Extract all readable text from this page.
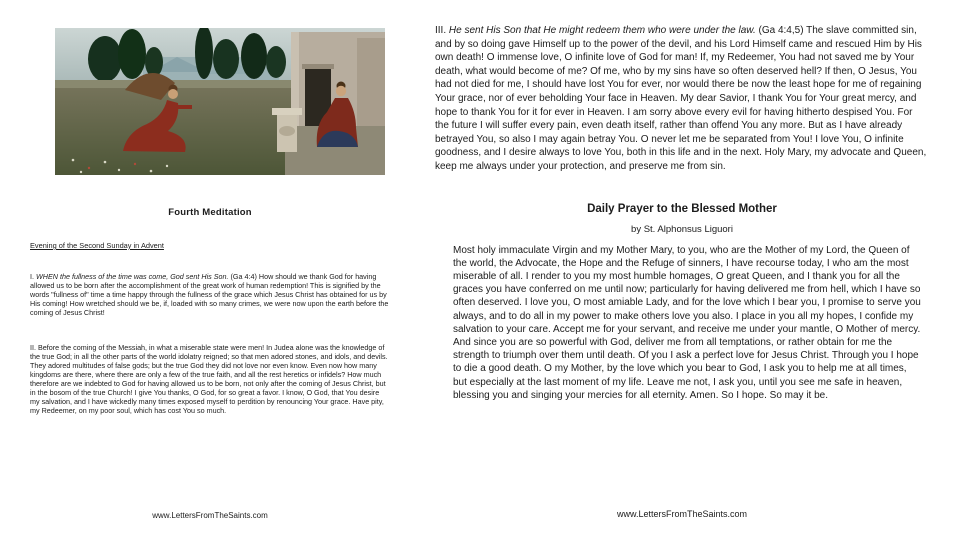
Fourth Meditation
Evening of the Second Sunday in Advent

I. WHEN the fullness of the time was come, God sent His Son. (Ga 4:4) How should we thank God for having allowed us to be born after the accomplishment of the great work of human redemption! This is signified by the words "fullness of" time a time happy through the fullness of the grace which Jesus Christ has obtained for us by His coming! How wretched should we be, if, loaded with so many crimes, we were now upon the earth before the coming of Jesus Christ!

II. Before the coming of the Messiah, in what a miserable state were men! In Judea alone was the knowledge of the true God; in all the other parts of the world idolatry reigned; so that men adored stones, and idols, and devils. They adored multitudes of false gods; but the true God they did not love nor even know. Even now how many kingdoms are there, where there are only a few of the true faith, and all the rest heretics or infidels? How much therefore are we indebted to God for having allowed us to be born, not only after the coming of Jesus Christ, but in the bosom of the true Church! I give You thanks, O God, for so great a favor. I know, O God, that You desire my salvation, and I have wickedly many times exposed myself to perdition by renouncing Your grace. Have pity, my Redeemer, on my poor soul, which has cost You so much.

III. He sent His Son that He might redeem them who were under the law. (Ga 4:4,5) The slave committed sin, and by so doing gave Himself up to the power of the devil, and his Lord Himself came and rescued Him by His own death! O immense love, O infinite love of God for man! If, my Redeemer, You had not saved me by Your death, what would become of me? Of me, who by my sins have so often deserved hell? If then, O Jesus, You had not died for me, I should have lost You for ever, nor would there be now the least hope for me of regaining Your grace, nor of ever beholding Your face in Heaven. My dear Savior, I thank You for Your great mercy, and hope to thank You for it for ever in Heaven. I am sorry above every evil for having hitherto despised You. For the future I will suffer every pain, even death itself, rather than offend You any more. But as I have already betrayed You, so also I may again betray You. O never let me be separated from You! I love You, O infinite goodness, and I desire always to love You, both in this life and in the next. Holy Mary, my advocate and Queen, keep me always under your protection, and preserve me from sin.

Daily Prayer to the Blessed Mother
by St. Alphonsus Liguori

Most holy immaculate Virgin and my Mother Mary, to you, who are the Mother of my Lord, the Queen of the world, the Advocate, the Hope and the Refuge of sinners, I have recourse today, I who am the most miserable of all. I render to you my most humble homages, O great Queen, and I thank you for all the graces you have conferred on me until now; particularly for having delivered me from hell, which I have so often deserved. I love you, O most amiable Lady, and for the love which I bear you, I promise to serve you always, and to do all in my power to make others love you also. I place in you all my hopes, I confide my salvation to your care. Accept me for your servant, and receive me under your mantle, O Mother of mercy. And since you are so powerful with God, deliver me from all temptations, or rather obtain for me the strength to triumph over them until death. Of you I ask a perfect love for Jesus Christ. Through you I hope to die a good death. O my Mother, by the love which you bear to God, I ask you to help me at all times, but especially at the last moment of my life. Leave me not, I ask you, until you see me safe in heaven, blessing you and singing your mercies for all eternity. Amen. So I hope. So may it be.

www.LettersFromTheSaints.com	www.LettersFromTheSaints.com
